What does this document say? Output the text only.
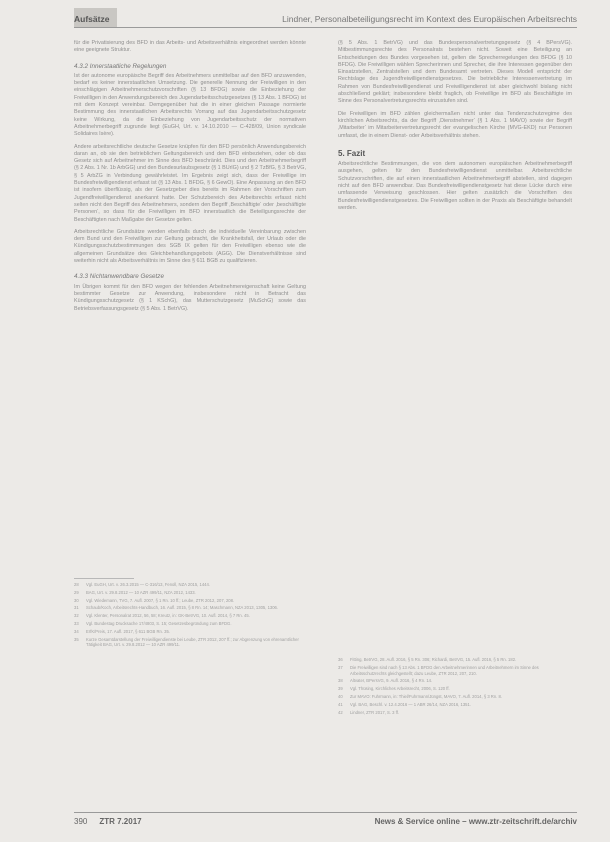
Aufsätze	Lindner, Personalbeteiligungsrecht im Kontext des Europäischen Arbeitsrechts

für die Privatisierung des BFD in das Arbeits- und Arbeitsverhältnis eingeordnet werden könnte eine geeignete Struktur.

4.3.2 Innerstaatliche Regelungen

Ist der autonome europäische Begriff des Arbeitnehmers unmittelbar auf den BFD anzuwenden, bedarf es keiner innerstaatlichen Umsetzung. Die generelle Nennung der Freiwilligen in den einschlägigen Arbeitnehmerschutzvorschriften (§ 13 BFDG) sowie die Einbeziehung der Freiwilligen in den Anwendungsbereich des Jugendarbeitsschutzgesetzes (§ 13 Abs. 1 BFDG) ist mit dem Konzept vereinbar. Demgegenüber hat die in einer gleichen Passage normierte Bestimmung des innerstaatlichen Arbeitsrechts Vorrang auf das Jugendarbeitsschutzgesetz keine Wirkung, da die Einbeziehung von Jugendarbeitsschutz der normativen Arbeitnehmerbegriff zugrunde liegt (EuGH, Urt. v. 14.10.2010 — C-428/09, Union syndicale Solidaires Isère).

Andere arbeitsrechtliche deutsche Gesetze knüpfen für den BFD persönlich Anwendungsbereich daran an, ob sie den betrieblichen Geltungsbereich und den BFD einbeziehen, oder ob das Gesetz sich auf Arbeitnehmer im Sinne des BFD beschränkt. Dies und den Arbeitnehmerbegriff (§ 2 Abs. 1 Nr. 1b ArbGG) und den Bundesurlaubsgesetz (§ 1 BUrlG) und § 2 TzBfG, § 3 BetrVG, § 5 ArbZG in Verbindung gewährleistet. Im Ergebnis zeigt sich, dass der Freiwillige im Bundesfreiwilligendienst erfasst ist (§ 13 Abs. 1 BFDG, § 6 GewO). Eine Anpassung an den BFD ist insofern überflüssig, als der Gesetzgeber dies bereits im Rahmen der Vorschriften zum Jugendfreiwilligendienst anerkannt hatte. Der Schutzbereich des Arbeitsrechts erfasst nicht selten nicht den Begriff des Arbeitnehmers, sondern den Begriff ‚Beschäftigte‘ oder ‚beschäftigte Personen‘, so dass für die Freiwilligen im BFD innerstaatlich die Beteiligungsrechte der Beschäftigten nach Maßgabe der Gesetze gelten.

Arbeitsrechtliche Grundsätze werden ebenfalls durch die individuelle Vereinbarung zwischen dem Bund und den Freiwilligen zur Geltung gebracht, die Krankheitsfall, der Urlaub oder die Kündigungsschutzbestimmungen des SGB IX gelten für den Freiwilligen ebenso wie die allgemeinen Grundsätze des Gleichbehandlungsgebots (AGG). Die Dienstverhältnisse sind weiterhin nicht als Arbeitsverhältnis im Sinne des § 611 BGB zu qualifizieren.

4.3.3 Nichtanwendbare Gesetze

Im Übrigen kommt für den BFD wegen der fehlenden Arbeitnehmereigenschaft keine Geltung bestimmter Gesetze zur Anwendung, insbesondere nicht in Betracht das Kündigungsschutzgesetz (§ 1 KSchG), das Mutterschutzgesetz (MuSchG) sowie das Betriebsverfassungsgesetz (§ 5 Abs. 1 BetrVG).

(§ 5 Abs. 1 BetrVG) und das Bundespersonalvertretungsgesetz (§ 4 BPersVG). Mitbestimmungsrechte des Personalrats bestehen nicht. Soweit eine Beteiligung an Entscheidungen des Bundes vorgesehen ist, gelten die Sprecherregelungen des BFDG (§ 10 BFDG). Die Freiwilligen wählen Sprecherinnen und Sprecher, die ihre Interessen gegenüber den Einsatzstellen, Zentralstellen und dem Bundesamt vertreten. Dieses Modell entspricht der Rechtslage des Jugendfreiwilligendienstgesetzes. Die betriebliche Interessenvertretung im Rahmen von Bundesfreiwilligendienst und Freiwilligendienst ist aber gleichwohl bislang nicht abschließend geklärt; insbesondere bleibt fraglich, ob Freiwillige im BFD als Beschäftigte im Sinne des Personalvertretungsrechts einzustufen sind.

Die Freiwilligen im BFD zählen gleichermaßen nicht unter das Tendenzschutzregime des kirchlichen Arbeitsrechts, da der Begriff ‚Dienstnehmer‘ (§ 1 Abs. 1 MAVO) sowie der Begriff ‚Mitarbeiter‘ im Mitarbeitervertretungsrecht der evangelischen Kirche (MVG-EKD) nur Personen umfasst, die in einem Dienst- oder Arbeitsverhältnis stehen.

5. Fazit

Arbeitsrechtliche Bestimmungen, die von dem autonomen europäischen Arbeitnehmerbegriff ausgehen, gelten für den Bundesfreiwilligendienst unmittelbar. Arbeitsrechtliche Schutzvorschriften, die auf einen innerstaatlichen Arbeitnehmerbegriff abstellen, sind dagegen nicht auf den BFD anwendbar. Das Bundesfreiwilligendienstgesetz hat diese Lücke durch eine umfassende Verweisung geschlossen. Hier gelten zusätzlich die Vorschriften des Bundesfreiwilligendienstgesetzes. Die Freiwilligen sollten in der Praxis als Beschäftigte behandelt werden.

28	Vgl. EuGH, Urt. v. 26.3.2015 — C-316/13, Fenoll, NZA 2015, 1444.
29	BAG, Urt. v. 29.8.2012 — 10 AZR 499/11, NZA 2012, 1433.
30	Vgl. Wiedemann, TVG, 7. Aufl. 2007, § 1 Rn. 10 ff.; Leube, ZTR 2012, 207, 208.
31	Schaub/Koch, Arbeitsrechts-Handbuch, 16. Aufl. 2015, § 8 Rn. 14; Maschmann, NZA 2013, 1305, 1306.
32	Vgl. Klenter, Personalrat 2012, 56, 58; Kreutz, in: GK-BetrVG, 10. Aufl. 2014, § 7 Rn. 45.
33	Vgl. Bundestag Drucksache 17/4803, S. 15; Gesetzesbegründung zum BFDG.
34	ErfK/Preis, 17. Aufl. 2017, § 611 BGB Rn. 35.
35	Kurze Gesamtdarstellung der Freiwilligendienste bei Leube, ZTR 2012, 207 ff.; zur Abgrenzung von ehrenamtlicher Tätigkeit BAG, Urt. v. 29.8.2012 — 10 AZR 499/11.
36	Fitting, BetrVG, 28. Aufl. 2016, § 5 Rn. 306; Richardi, BetrVG, 15. Aufl. 2016, § 5 Rn. 182.
37	Die Freiwilligen sind nach § 13 Abs. 1 BFDG den Arbeitnehmerinnen und Arbeitnehmern im Sinne des Arbeitsschutzrechts gleichgestellt; dazu Leube, ZTR 2012, 207, 210.
38	Altvater, BPersVG, 9. Aufl. 2016, § 4 Rn. 14.
39	Vgl. Thüsing, Kirchliches Arbeitsrecht, 2006, S. 120 ff.
40	Zur MAVO: Fuhrmann, in: Thiel/Fuhrmann/Jüngst, MAVO, 7. Aufl. 2014, § 3 Rn. 8.
41	Vgl. BAG, Beschl. v. 12.4.2016 — 1 ABR 26/14, NZA 2016, 1351.
42	Lindner, ZTR 2017, S. 3 ff.
390 ZTR 7.2017	News & Service online – www.ztr-zeitschrift.de/archiv
